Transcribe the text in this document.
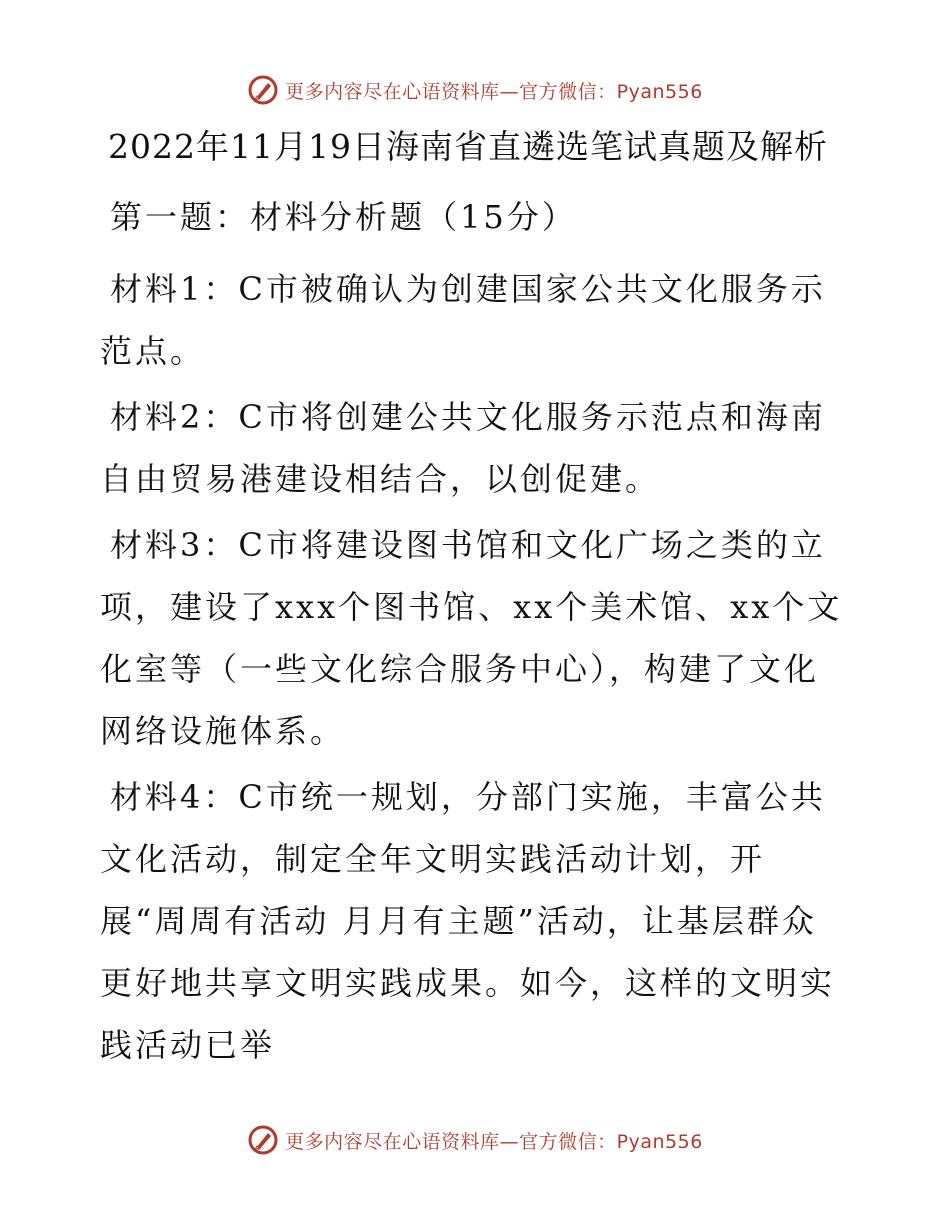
更多内容尽在心语资料库—官方微信：Pyan556
2022年11月19日海南省直遴选笔试真题及解析
第一题：材料分析题（15分）
材料1：C市被确认为创建国家公共文化服务示范点。
材料2：C市将创建公共文化服务示范点和海南自由贸易港建设相结合，以创促建。
材料3：C市将建设图书馆和文化广场之类的立项，建设了xxx个图书馆、xx个美术馆、xx个文化室等（一些文化综合服务中心），构建了文化网络设施体系。
材料4：C市统一规划，分部门实施，丰富公共文化活动，制定全年文明实践活动计划，开展“周周有活动 月月有主题”活动，让基层群众更好地共享文明实践成果。如今，这样的文明实践活动已举
更多内容尽在心语资料库—官方微信：Pyan556
